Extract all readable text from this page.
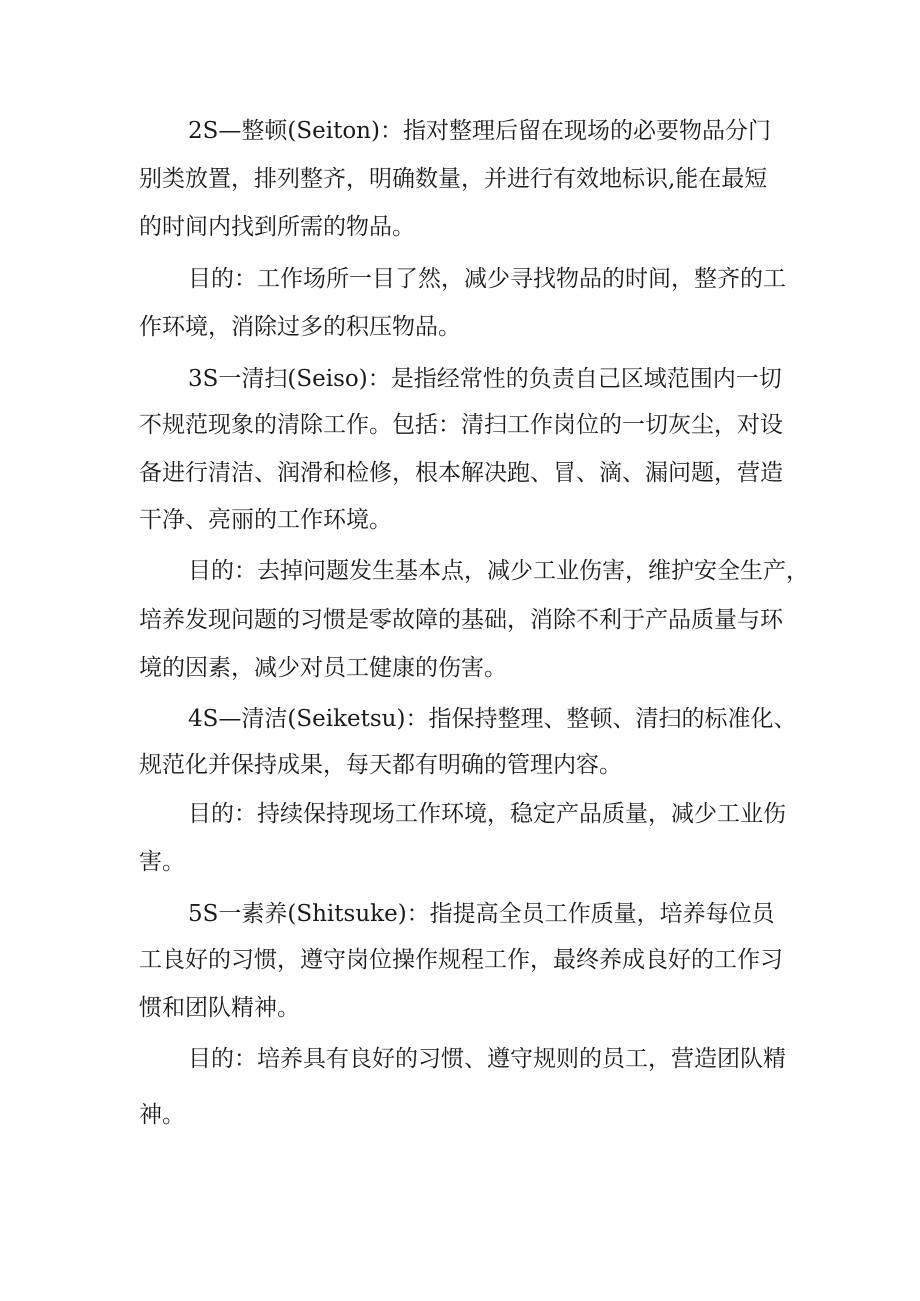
2S—整顿(Seiton)：指对整理后留在现场的必要物品分门

别类放置，排列整齐，明确数量，并进行有效地标识,能在最短

的时间内找到所需的物品。

目的：工作场所一目了然，减少寻找物品的时间，整齐的工

作环境，消除过多的积压物品。

3S一清扫(Seiso)：是指经常性的负责自己区域范围内一切

不规范现象的清除工作。包括：清扫工作岗位的一切灰尘，对设

备进行清洁、润滑和检修，根本解决跑、冒、滴、漏问题，营造

干净、亮丽的工作环境。

目的：去掉问题发生基本点，减少工业伤害，维护安全生产，

培养发现问题的习惯是零故障的基础，消除不利于产品质量与环

境的因素，减少对员工健康的伤害。

4S—清洁(Seiketsu)：指保持整理、整顿、清扫的标准化、

规范化并保持成果，每天都有明确的管理内容。

目的：持续保持现场工作环境，稳定产品质量，减少工业伤

害。

5S一素养(Shitsuke)：指提高全员工作质量，培养每位员

工良好的习惯，遵守岗位操作规程工作，最终养成良好的工作习

惯和团队精神。

目的：培养具有良好的习惯、遵守规则的员工，营造团队精

神。
